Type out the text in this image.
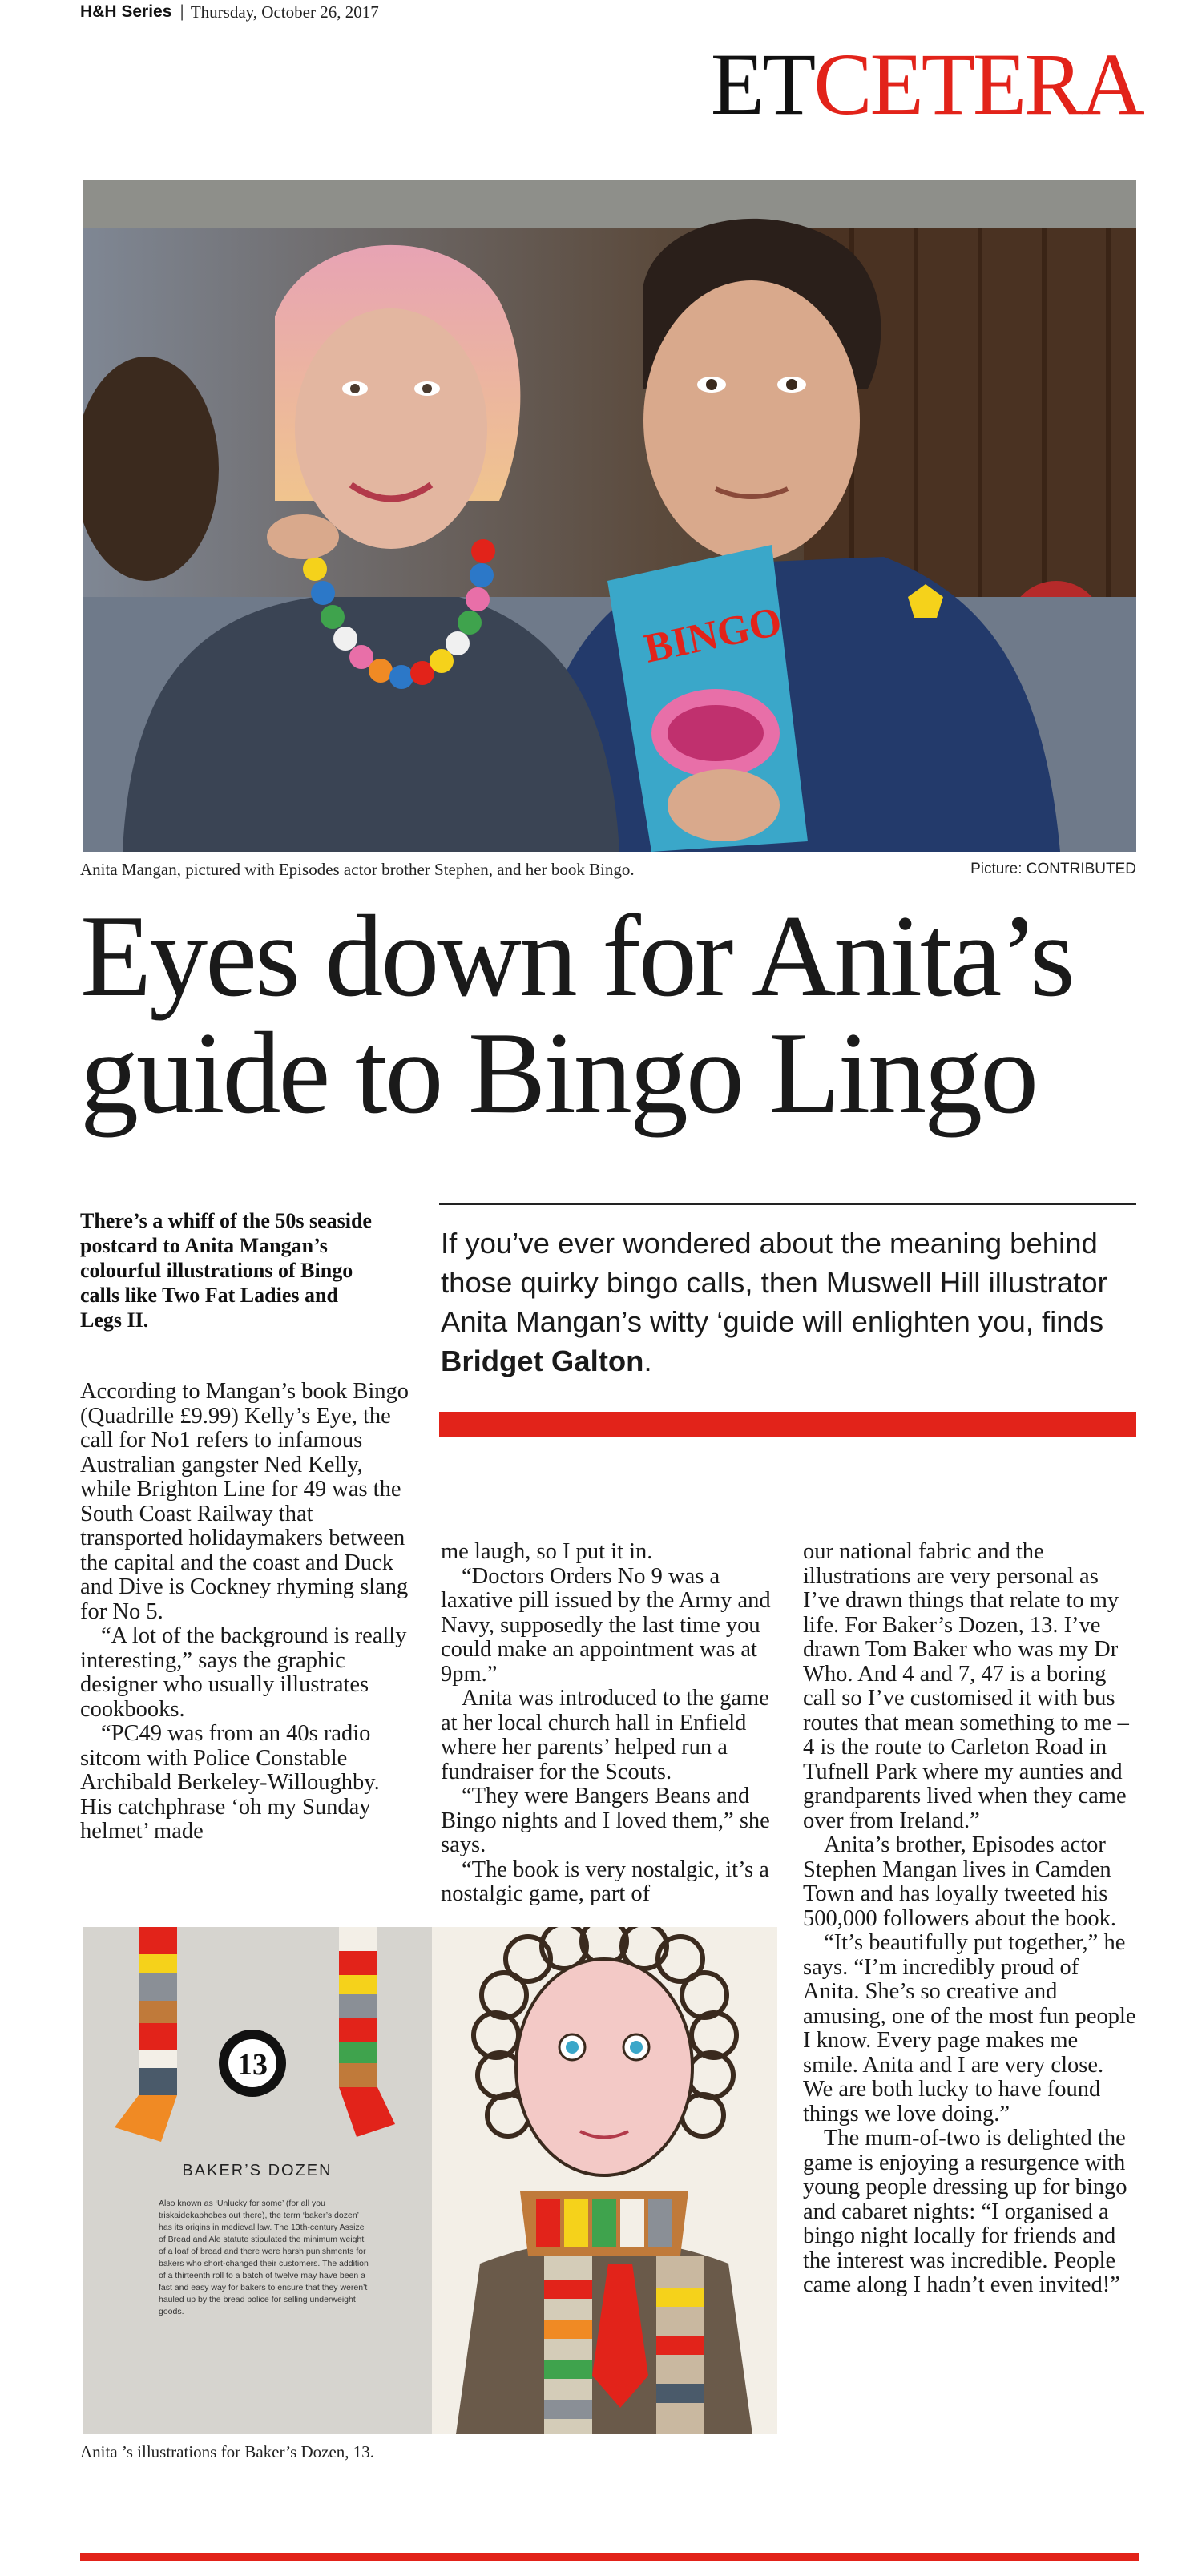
H&H Series | Thursday, October 26, 2017
ETCETERA
BINGO
Anita Mangan, pictured with Episodes actor brother Stephen, and her book Bingo.	Picture: CONTRIBUTED
Eyes down for Anita’s
guide to Bingo Lingo
There’s a whiff of the 50s seaside postcard to Anita Mangan’s colourful illustrations of Bingo calls like Two Fat Ladies and Legs II.
If you’ve ever wondered about the meaning behind those quirky bingo calls, then Muswell Hill illustrator Anita Mangan’s witty ‘guide will enlighten you, finds Bridget Galton.

According to Mangan’s book Bingo (Quadrille £9.99) Kelly’s Eye, the call for No1 refers to infamous Australian gangster Ned Kelly, while Brighton Line for 49 was the South Coast Railway that transported holidaymakers between the capital and the coast and Duck and Dive is Cockney rhyming slang for No 5.

“A lot of the background is really interesting,” says the graphic designer who usually illustrates cookbooks.

“PC49 was from an 40s radio sitcom with Police Constable Archibald Berkeley-Willoughby. His catchphrase ‘oh my Sunday helmet’ made

me laugh, so I put it in.

“Doctors Orders No 9 was a laxative pill issued by the Army and Navy, supposedly the last time you could make an appointment was at 9pm.”

Anita was introduced to the game at her local church hall in Enfield where her parents’ helped run a fundraiser for the Scouts.

“They were Bangers Beans and Bingo nights and I loved them,” she says.

“The book is very nostalgic, it’s a nostalgic game, part of

our national fabric and the illustrations are very personal as I’ve drawn things that relate to my life. For Baker’s Dozen, 13. I’ve drawn Tom Baker who was my Dr Who. And 4 and 7, 47 is a boring call so I’ve customised it with bus routes that mean something to me – 4 is the route to Carleton Road in Tufnell Park where my aunties and grandparents lived when they came over from Ireland.”

Anita’s brother, Episodes actor Stephen Mangan lives in Camden Town and has loyally tweeted his 500,000 followers about the book.

“It’s beautifully put together,” he says. “I’m incredibly proud of Anita. She’s so creative and amusing, one of the most fun people I know. Every page makes me smile. Anita and I are very close. We are both lucky to have found things we love doing.”

The mum-of-two is delighted the game is enjoying a resurgence with young people dressing up for bingo and cabaret nights: “I organised a bingo night locally for friends and the interest was incredible. People came along I hadn’t even invited!”

13
BAKER’S DOZEN
Also known as ‘Unlucky for some’ (for all you triskaidekaphobes out there), the term ‘baker’s dozen’ has its origins in medieval law. The 13th-century Assize of Bread and Ale statute stipulated the minimum weight of a loaf of bread and there were harsh punishments for bakers who short-changed their customers. The addition of a thirteenth roll to a batch of twelve may have been a fast and easy way for bakers to ensure that they weren’t hauled up by the bread police for selling underweight goods.
Anita ’s illustrations for Baker’s Dozen, 13.
